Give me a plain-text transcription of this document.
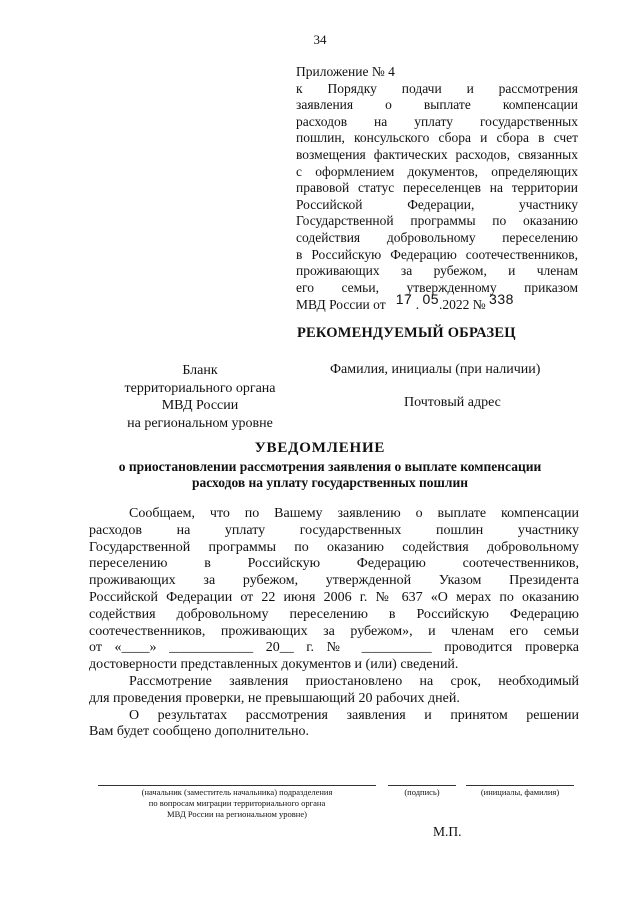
34
Приложение № 4
к Порядку подачи и рассмотрения
заявления о выплате компенсации
расходов на уплату государственных
пошлин, консульского сбора и сбора в счет
возмещения фактических расходов, связанных
с оформлением документов, определяющих
правовой статус переселенцев на территории
Российской Федерации, участнику
Государственной программы по оказанию
содействия добровольному переселению
в Российскую Федерацию соотечественников,
проживающих за рубежом, и членам
его семьи, утвержденному приказом
МВД России от 17 . 05.2022 № 338
РЕКОМЕНДУЕМЫЙ ОБРАЗЕЦ
Бланк
территориального органа
МВД России
на региональном уровне
Фамилия, инициалы (при наличии)
Почтовый адрес
УВЕДОМЛЕНИЕ
о приостановлении рассмотрения заявления о выплате компенсации
расходов на уплату государственных пошлин
Сообщаем, что по Вашему заявлению о выплате компенсации
расходов на уплату государственных пошлин участнику
Государственной программы по оказанию содействия добровольному
переселению в Российскую Федерацию соотечественников,
проживающих за рубежом, утвержденной Указом Президента
Российской Федерации от 22 июня 2006 г. № 637 «О мерах по оказанию
содействия добровольному переселению в Российскую Федерацию
соотечественников, проживающих за рубежом», и членам его семьи
от «____» ____________ 20__ г. № __________ проводится проверка
достоверности представленных документов и (или) сведений.
Рассмотрение заявления приостановлено на срок, необходимый
для проведения проверки, не превышающий 20 рабочих дней.
О результатах рассмотрения заявления и принятом решении
Вам будет сообщено дополнительно.
(начальник (заместитель начальника) подразделения
по вопросам миграции территориального органа
МВД России на региональном уровне)
(подпись)	(инициалы, фамилия)
М.П.
